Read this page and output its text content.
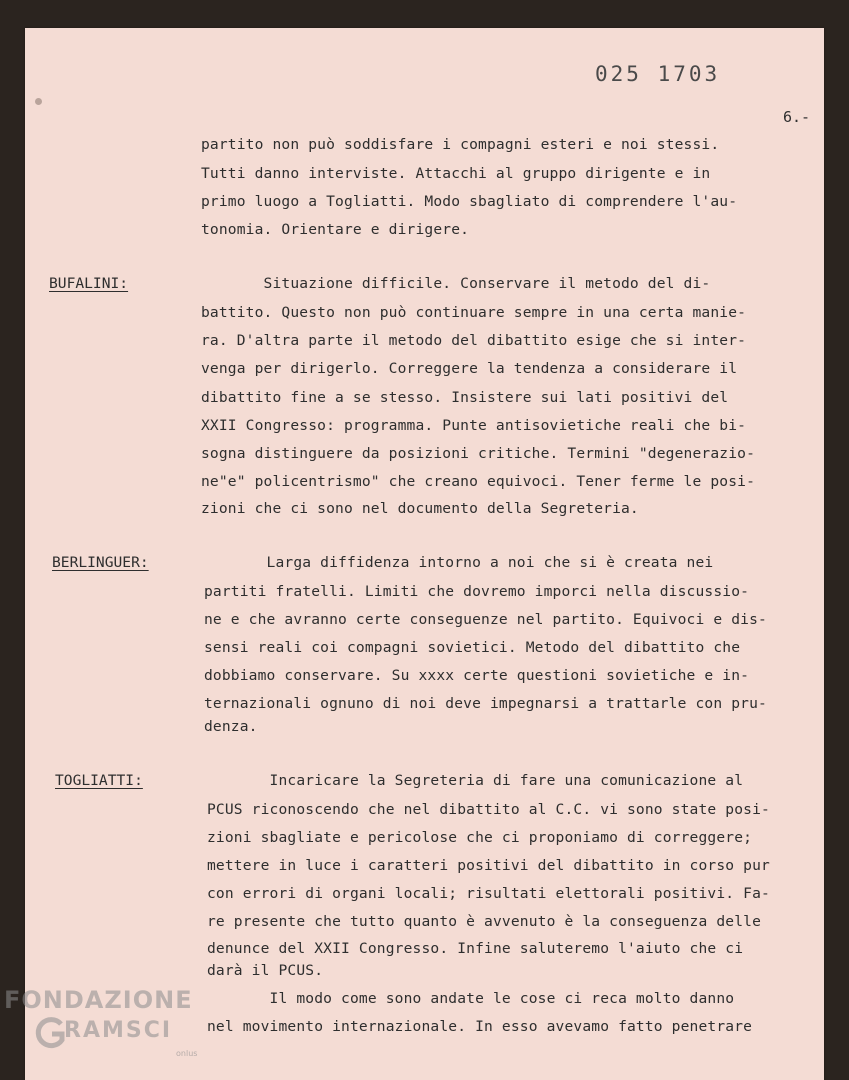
025 1703
6.-
partito non può soddisfare i compagni esteri e noi stessi.
Tutti danno interviste. Attacchi al gruppo dirigente e in
primo luogo a Togliatti. Modo sbagliato di comprendere l'au-
tonomia. Orientare e dirigere.
BUFALINI:	Situazione difficile. Conservare il metodo del di-
battito. Questo non può continuare sempre in una certa manie-
ra. D'altra parte il metodo del dibattito esige che si inter-
venga per dirigerlo. Correggere la tendenza a considerare il
dibattito fine a se stesso. Insistere sui lati positivi del
XXII Congresso: programma. Punte antisovietiche reali che bi-
sogna distinguere da posizioni critiche. Termini "degenerazio-
ne"e" policentrismo" che creano equivoci. Tener ferme le posi-
zioni che ci sono nel documento della Segreteria.
BERLINGUER:	Larga diffidenza intorno a noi che si è creata nei
partiti fratelli. Limiti che dovremo imporci nella discussio-
ne e che avranno certe conseguenze nel partito. Equivoci e dis-
sensi reali coi compagni sovietici. Metodo del dibattito che
dobbiamo conservare. Su xxxx certe questioni sovietiche e in-
ternazionali ognuno di noi deve impegnarsi a trattarle con pru-
denza.
TOGLIATTI:	Incaricare la Segreteria di fare una comunicazione al
PCUS riconoscendo che nel dibattito al C.C. vi sono state posi-
zioni sbagliate e pericolose che ci proponiamo di correggere;
mettere in luce i caratteri positivi del dibattito in corso pur
con errori di organi locali; risultati elettorali positivi. Fa-
re presente che tutto quanto è avvenuto è la conseguenza delle
denunce del XXII Congresso. Infine saluteremo l'aiuto che ci
darà il PCUS.
Il modo come sono andate le cose ci reca molto danno
nel movimento internazionale. In esso avevamo fatto penetrare
FONDAZIONE
RAMSCI
onlus
